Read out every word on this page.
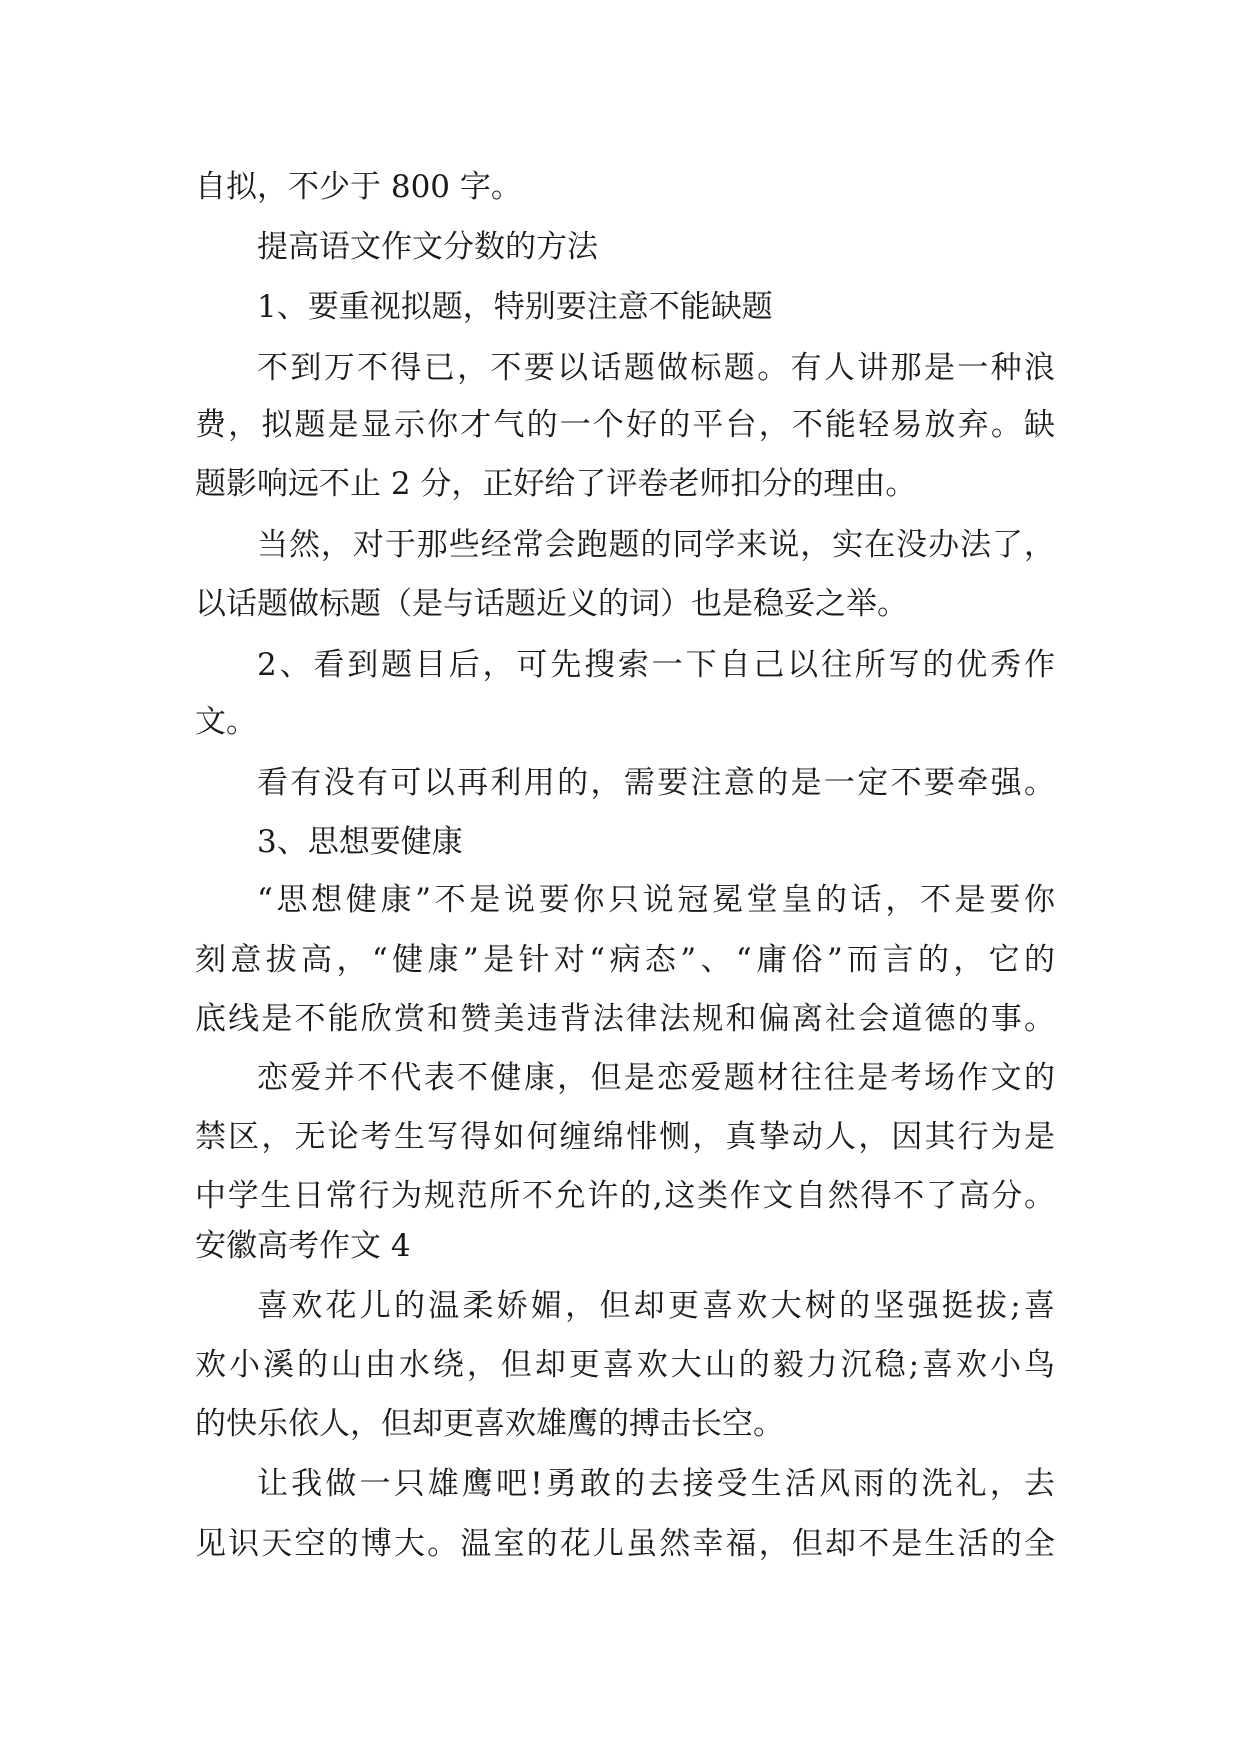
自拟，不少于 800 字。
提高语文作文分数的方法
1、要重视拟题，特别要注意不能缺题
不到万不得已，不要以话题做标题。有人讲那是一种浪
费，拟题是显示你才气的一个好的平台，不能轻易放弃。缺
题影响远不止 2 分，正好给了评卷老师扣分的理由。
当然，对于那些经常会跑题的同学来说，实在没办法了，
以话题做标题（是与话题近义的词）也是稳妥之举。
2、看到题目后，可先搜索一下自己以往所写的优秀作
文。
看有没有可以再利用的，需要注意的是一定不要牵强。
3、思想要健康
“思想健康”不是说要你只说冠冕堂皇的话，不是要你
刻意拔高，“健康”是针对“病态”、“庸俗”而言的，它的
底线是不能欣赏和赞美违背法律法规和偏离社会道德的事。
恋爱并不代表不健康，但是恋爱题材往往是考场作文的
禁区，无论考生写得如何缠绵悱恻，真挚动人，因其行为是
中学生日常行为规范所不允许的,这类作文自然得不了高分。
安徽高考作文 4
喜欢花儿的温柔娇媚，但却更喜欢大树的坚强挺拔;喜
欢小溪的山由水绕，但却更喜欢大山的毅力沉稳;喜欢小鸟
的快乐依人，但却更喜欢雄鹰的搏击长空。
让我做一只雄鹰吧!勇敢的去接受生活风雨的洗礼，去
见识天空的博大。温室的花儿虽然幸福，但却不是生活的全
